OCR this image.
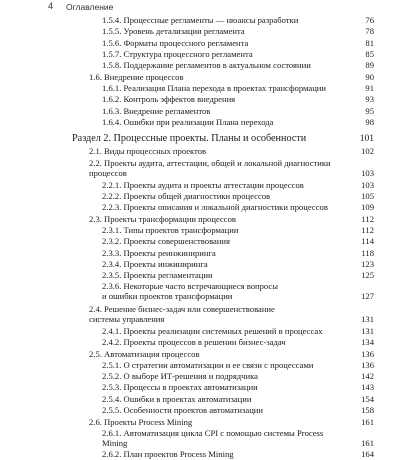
4 Оглавление
1.5.4. Процессные регламенты — нюансы разработки	76
1.5.5. Уровень детализации регламента	78
1.5.6. Форматы процессного регламента	81
1.5.7. Структура процессного регламента	85
1.5.8. Поддержание регламентов в актуальном состоянии	89
1.6. Внедрение процессов	90
1.6.1. Реализация Плана перехода в проектах трансформации	91
1.6.2. Контроль эффектов внедрения	93
1.6.3. Внедрение регламентов	95
1.6.4. Ошибки при реализации Плана перехода	98
Раздел 2. Процессные проекты. Планы и особенности	101
2.1. Виды процессных проектов	102
2.2. Проекты аудита, аттестации, общей и локальной диагностики
процессов	103
2.2.1. Проекты аудита и проекты аттестации процессов	103
2.2.2. Проекты общей диагностики процессов	105
2.2.3. Проекты описания и локальной диагностики процессов	109
2.3. Проекты трансформации процессов	112
2.3.1. Типы проектов трансформации	112
2.3.2. Проекты совершенствования	114
2.3.3. Проекты реинжиниринга	118
2.3.4. Проекты инжиниринга	123
2.3.5. Проекты регламентации	125
2.3.6. Некоторые часто встречающиеся вопросы
и ошибки проектов трансформации	127
2.4. Решение бизнес-задач или совершенствование
системы управления	131
2.4.1. Проекты реализации системных решений в процессах	131
2.4.2. Проекты процессов в решении бизнес-задач	134
2.5. Автоматизация процессов	136
2.5.1. О стратегии автоматизации и ее связи с процессами	136
2.5.2. О выборе ИТ-решения и подрядчика	142
2.5.3. Процессы в проектах автоматизации	143
2.5.4. Ошибки в проектах автоматизации	154
2.5.5. Особенности проектов автоматизации	158
2.6. Проекты Process Mining	161
2.6.1. Автоматизация цикла CPI с помощью системы Process
Mining	161
2.6.2. План проектов Process Mining	164
